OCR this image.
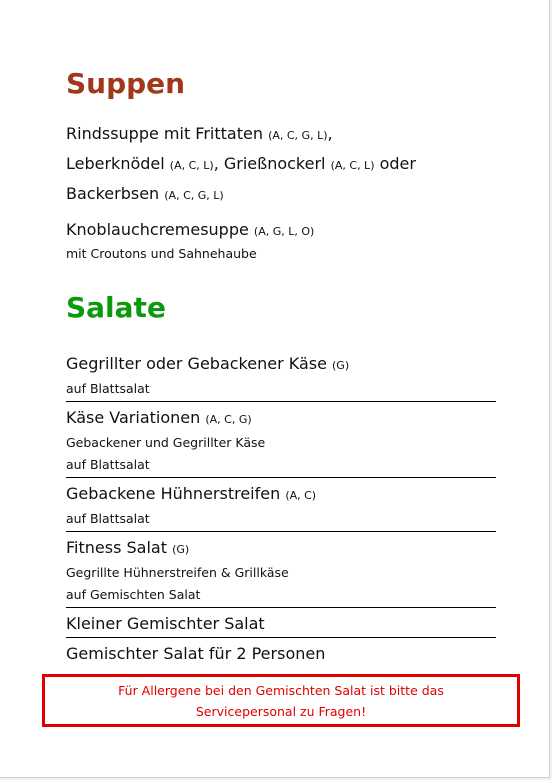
Suppen
Rindssuppe mit Frittaten (A, C, G, L),
Leberknödel (A, C, L), Grießnockerl (A, C, L) oder
Backerbsen (A, C, G, L)
Knoblauchcremesuppe (A, G, L, O)
mit Croutons und Sahnehaube
Salate
Gegrillter oder Gebackener Käse (G)
auf Blattsalat
Käse Variationen (A, C, G)
Gebackener und Gegrillter Käse
auf Blattsalat
Gebackene Hühnerstreifen (A, C)
auf Blattsalat
Fitness Salat (G)
Gegrillte Hühnerstreifen & Grillkäse
auf Gemischten Salat
Kleiner Gemischter Salat
Gemischter Salat für 2 Personen
Für Allergene bei den Gemischten Salat ist bitte das
Servicepersonal zu Fragen!
